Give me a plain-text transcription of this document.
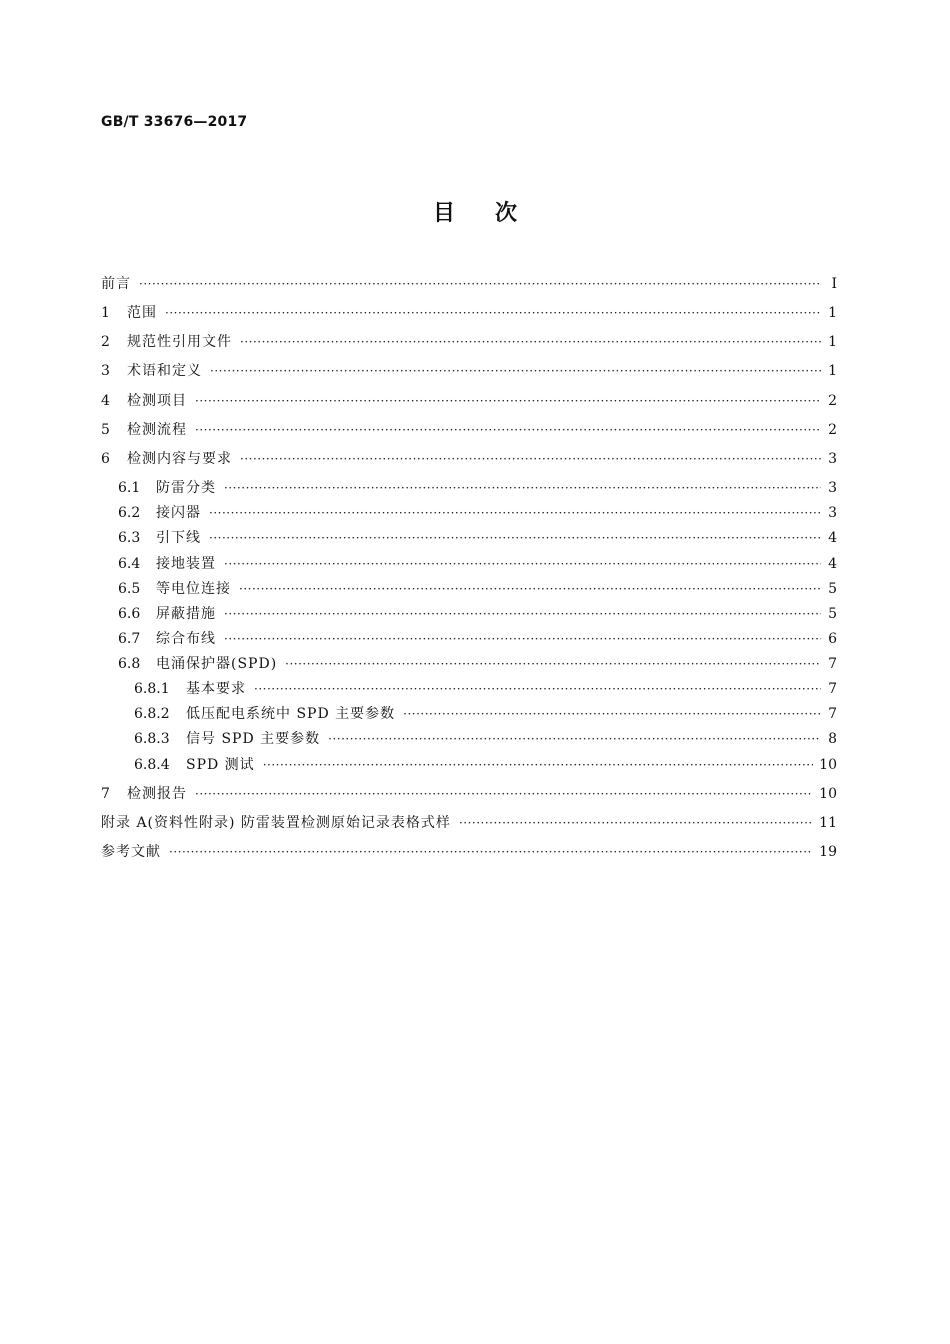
GB/T 33676—2017
目次
前言 ·····	I
1	范围 ·····	1
2	规范性引用文件 ·····	1
3	术语和定义 ·····	1
4	检测项目 ·····	2
5	检测流程 ·····	2
6	检测内容与要求 ·····	3
6.1	防雷分类 ·····	3
6.2	接闪器 ·····	3
6.3	引下线 ·····	4
6.4	接地装置 ·····	4
6.5	等电位连接 ·····	5
6.6	屏蔽措施 ·····	5
6.7	综合布线 ·····	6
6.8	电涌保护器(SPD) ·····	7
6.8.1	基本要求 ·····	7
6.8.2	低压配电系统中 SPD 主要参数 ·····	7
6.8.3	信号 SPD 主要参数 ·····	8
6.8.4	SPD 测试 ·····	10
7	检测报告 ·····	10
附录 A(资料性附录) 防雷装置检测原始记录表格式样 ·····	11
参考文献 ·····	19
